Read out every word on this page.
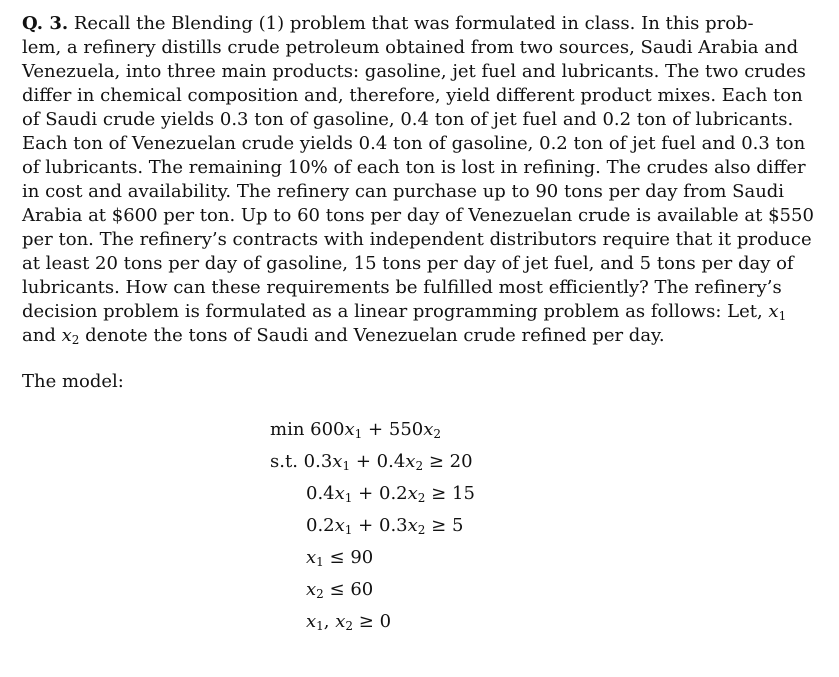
Q. 3. Recall the Blending (1) problem that was formulated in class. In this prob-
lem, a refinery distills crude petroleum obtained from two sources, Saudi Arabia and
Venezuela, into three main products: gasoline, jet fuel and lubricants. The two crudes
differ in chemical composition and, therefore, yield different product mixes. Each ton
of Saudi crude yields 0.3 ton of gasoline, 0.4 ton of jet fuel and 0.2 ton of lubricants.
Each ton of Venezuelan crude yields 0.4 ton of gasoline, 0.2 ton of jet fuel and 0.3 ton
of lubricants. The remaining 10% of each ton is lost in refining. The crudes also differ
in cost and availability. The refinery can purchase up to 90 tons per day from Saudi
Arabia at $600 per ton. Up to 60 tons per day of Venezuelan crude is available at $550
per ton. The refinery’s contracts with independent distributors require that it produce
at least 20 tons per day of gasoline, 15 tons per day of jet fuel, and 5 tons per day of
lubricants. How can these requirements be fulfilled most efficiently? The refinery’s
decision problem is formulated as a linear programming problem as follows: Let, $x_1$
and $x_2$ denote the tons of Saudi and Venezuelan crude refined per day.
The model:
$\min 600x_1 + 550x_2$
s.t. $0.3x_1 + 0.4x_2 \ge 20$
$0.4x_1 + 0.2x_2 \ge 15$
$0.2x_1 + 0.3x_2 \ge 5$
$x_1 \le 90$
$x_2 \le 60$
$x_1$, $x_2 \ge 0$
